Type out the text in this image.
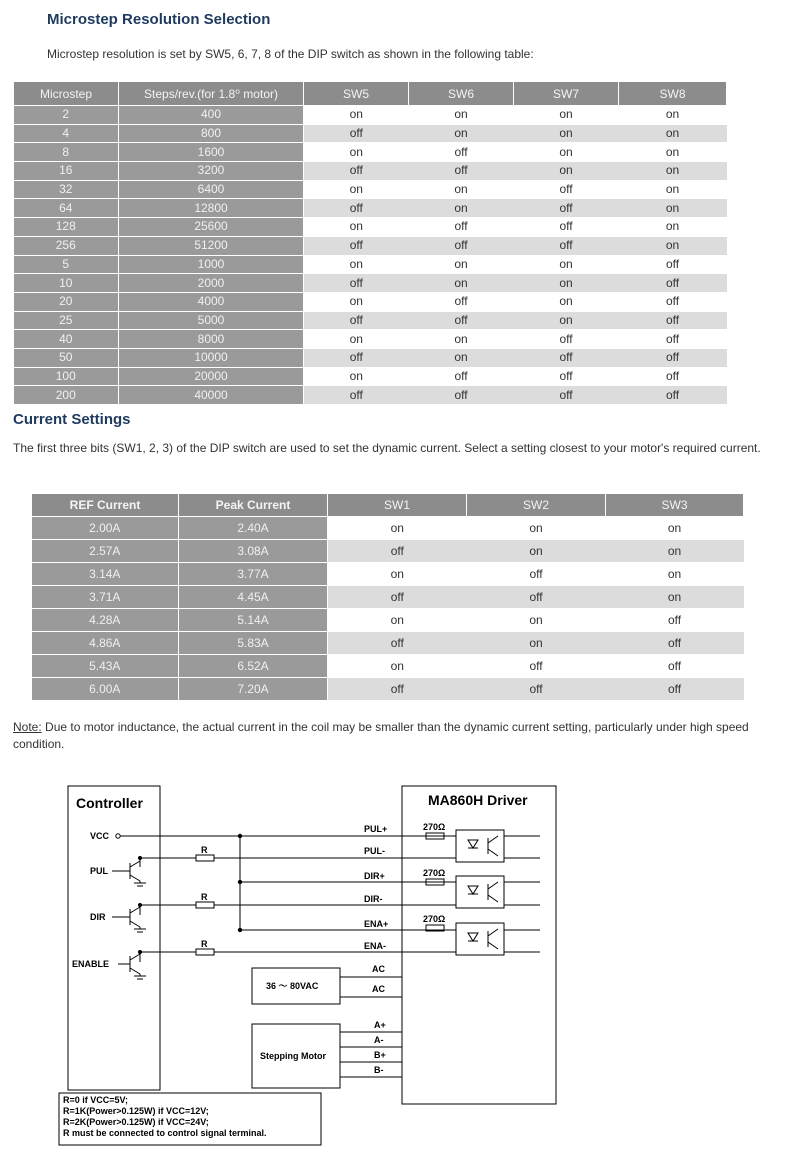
Microstep Resolution Selection

Microstep resolution is set by SW5, 6, 7, 8 of the DIP switch as shown in the following table:

Microstep	Steps/rev.(for 1.8⁰ motor)	SW5	SW6	SW7	SW8
2	400	on	on	on	on
4	800	off	on	on	on
8	1600	on	off	on	on
16	3200	off	off	on	on
32	6400	on	on	off	on
64	12800	off	on	off	on
128	25600	on	off	off	on
256	51200	off	off	off	on
5	1000	on	on	on	off
10	2000	off	on	on	off
20	4000	on	off	on	off
25	5000	off	off	on	off
40	8000	on	on	off	off
50	10000	off	on	off	off
100	20000	on	off	off	off
200	40000	off	off	off	off
Current Settings

The first three bits (SW1, 2, 3) of the DIP switch are used to set the dynamic current. Select a setting closest to your motor's required current.

REF Current	Peak Current	SW1	SW2	SW3
2.00A	2.40A	on	on	on
2.57A	3.08A	off	on	on
3.14A	3.77A	on	off	on
3.71A	4.45A	off	off	on
4.28A	5.14A	on	on	off
4.86A	5.83A	off	on	off
5.43A	6.52A	on	off	off
6.00A	7.20A	off	off	off

Note: Due to motor inductance, the actual current in the coil may be smaller than the dynamic current setting, particularly under high speed condition.

Controller	MA860H Driver
VCC
PUL
DIR
ENABLE
R
R
R
PUL+
PUL-
DIR+
DIR-
ENA+
ENA-
270Ω
270Ω
270Ω
AC
AC
36 ～ 80VAC
Stepping Motor
A+
A-
B+
B-
R=0 if VCC=5V;
R=1K(Power>0.125W) if VCC=12V;
R=2K(Power>0.125W) if VCC=24V;
R must be connected to control signal terminal.
